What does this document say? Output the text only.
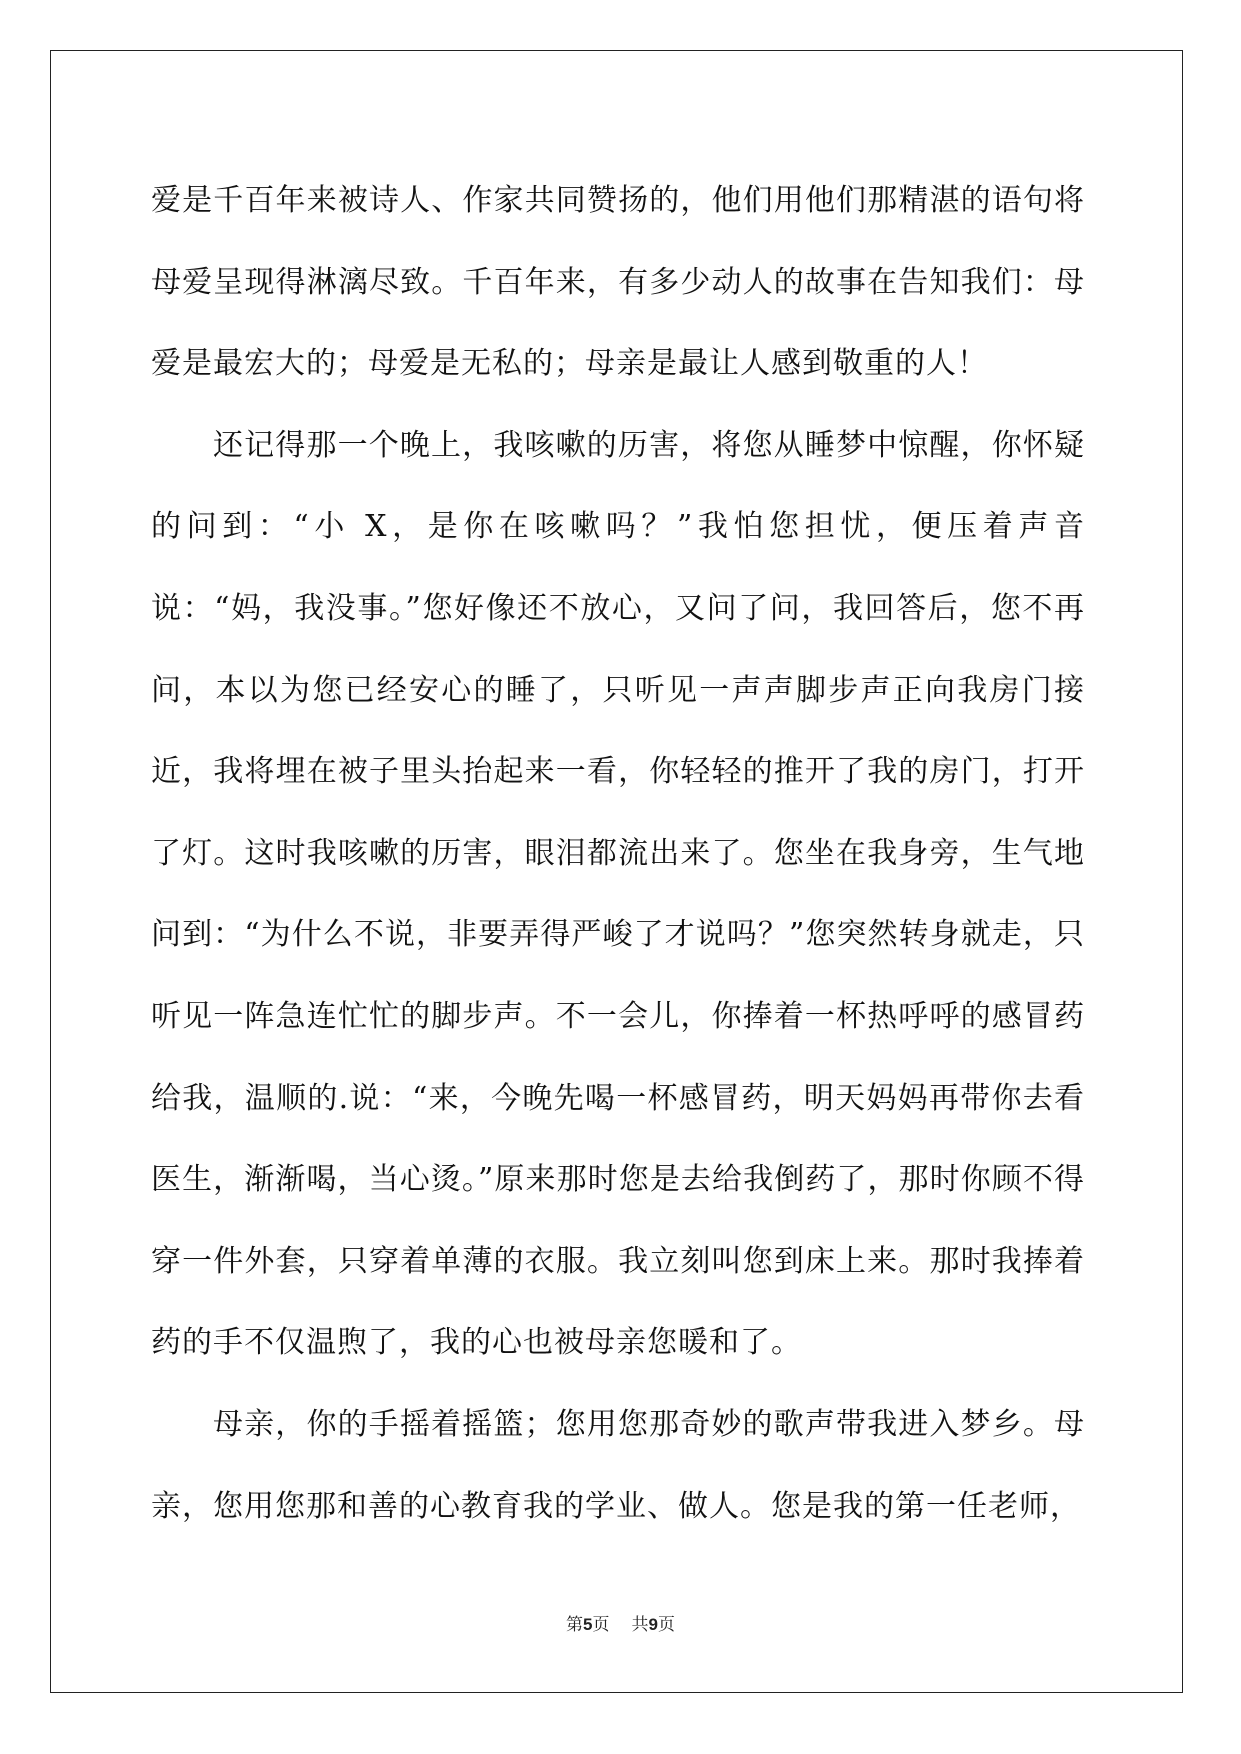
爱是千百年来被诗人、作家共同赞扬的，他们用他们那精湛的语句将母爱呈现得淋漓尽致。千百年来，有多少动人的故事在告知我们：母爱是最宏大的；母爱是无私的；母亲是最让人感到敬重的人！

还记得那一个晚上，我咳嗽的历害，将您从睡梦中惊醒，你怀疑的问到：“小 X，是你在咳嗽吗？”我怕您担忧，便压着声音说：“妈，我没事。”您好像还不放心，又问了问，我回答后，您不再问，本以为您已经安心的睡了，只听见一声声脚步声正向我房门接近，我将埋在被子里头抬起来一看，你轻轻的推开了我的房门，打开了灯。这时我咳嗽的历害，眼泪都流出来了。您坐在我身旁，生气地问到：“为什么不说，非要弄得严峻了才说吗？”您突然转身就走，只听见一阵急连忙忙的脚步声。不一会儿，你捧着一杯热呼呼的感冒药给我，温顺的.说：“来，今晚先喝一杯感冒药，明天妈妈再带你去看医生，渐渐喝，当心烫。”原来那时您是去给我倒药了，那时你顾不得穿一件外套，只穿着单薄的衣服。我立刻叫您到床上来。那时我捧着药的手不仅温煦了，我的心也被母亲您暖和了。

母亲，你的手摇着摇篮；您用您那奇妙的歌声带我进入梦乡。母亲，您用您那和善的心教育我的学业、做人。您是我的第一任老师，

第5页 共9页
